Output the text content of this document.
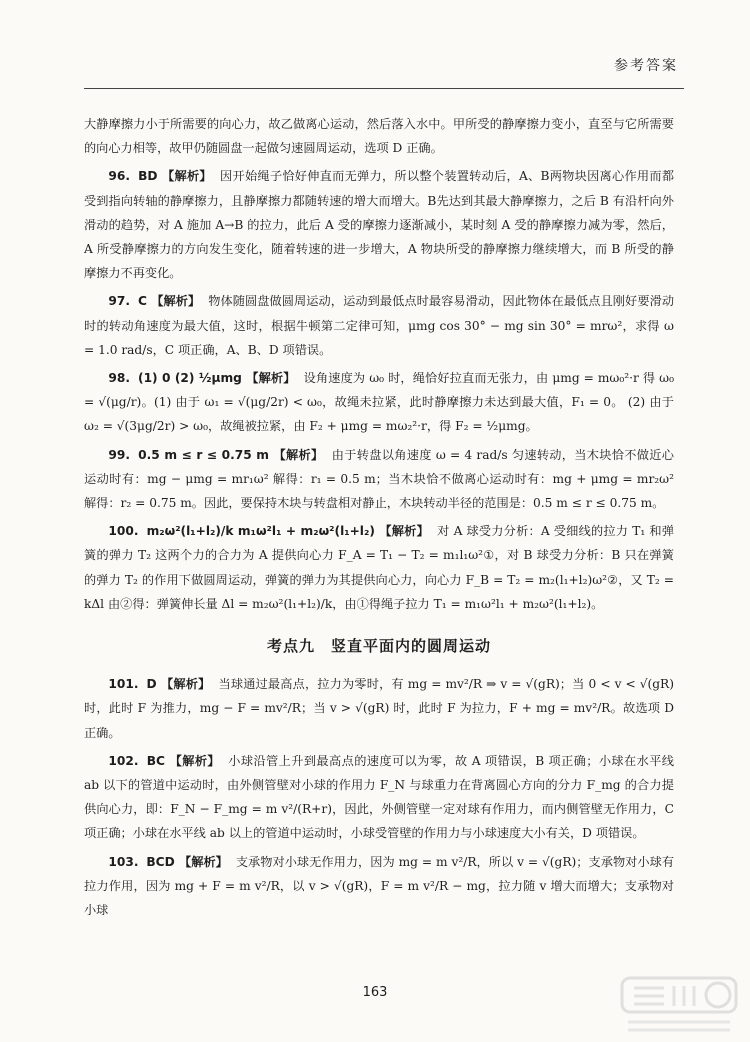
参考答案

大静摩擦力小于所需要的向心力，故乙做离心运动，然后落入水中。甲所受的静摩擦力变小，直至与它所需要的向心力相等，故甲仍随圆盘一起做匀速圆周运动，选项 D 正确。

96. BD 【解析】 因开始绳子恰好伸直而无弹力，所以整个装置转动后，A、B两物块因离心作用而都受到指向转轴的静摩擦力，且静摩擦力都随转速的增大而增大。B先达到其最大静摩擦力，之后 B 有沿杆向外滑动的趋势，对 A 施加 A→B 的拉力，此后 A 受的摩擦力逐渐减小，某时刻 A 受的静摩擦力减为零，然后，A 所受静摩擦力的方向发生变化，随着转速的进一步增大，A 物块所受的静摩擦力继续增大，而 B 所受的静摩擦力不再变化。

97. C 【解析】 物体随圆盘做圆周运动，运动到最低点时最容易滑动，因此物体在最低点且刚好要滑动时的转动角速度为最大值，这时，根据牛顿第二定律可知，μmg cos 30° − mg sin 30° = mrω²，求得 ω = 1.0 rad/s，C 项正确，A、B、D 项错误。

98. (1) 0 (2) ½μmg 【解析】 设角速度为 ω₀ 时，绳恰好拉直而无张力，由 μmg = mω₀²·r 得 ω₀ = √(μg/r)。(1) 由于 ω₁ = √(μg/2r) < ω₀，故绳未拉紧，此时静摩擦力未达到最大值，F₁ = 0。 (2) 由于 ω₂ = √(3μg/2r) > ω₀，故绳被拉紧，由 F₂ + μmg = mω₂²·r，得 F₂ = ½μmg。

99. 0.5 m ≤ r ≤ 0.75 m 【解析】 由于转盘以角速度 ω = 4 rad/s 匀速转动，当木块恰不做近心运动时有：mg − μmg = mr₁ω² 解得：r₁ = 0.5 m；当木块恰不做离心运动时有：mg + μmg = mr₂ω² 解得：r₂ = 0.75 m。因此，要保持木块与转盘相对静止，木块转动半径的范围是：0.5 m ≤ r ≤ 0.75 m。

100. m₂ω²(l₁+l₂)/k m₁ω²l₁ + m₂ω²(l₁+l₂) 【解析】 对 A 球受力分析：A 受细线的拉力 T₁ 和弹簧的弹力 T₂ 这两个力的合力为 A 提供向心力 F_A = T₁ − T₂ = m₁l₁ω²①，对 B 球受力分析：B 只在弹簧的弹力 T₂ 的作用下做圆周运动，弹簧的弹力为其提供向心力，向心力 F_B = T₂ = m₂(l₁+l₂)ω²②，又 T₂ = kΔl 由②得：弹簧伸长量 Δl = m₂ω²(l₁+l₂)/k，由①得绳子拉力 T₁ = m₁ω²l₁ + m₂ω²(l₁+l₂)。

考点九　竖直平面内的圆周运动

101. D 【解析】 当球通过最高点，拉力为零时，有 mg = mv²/R ⇒ v = √(gR)；当 0 < v < √(gR) 时，此时 F 为推力，mg − F = mv²/R；当 v > √(gR) 时，此时 F 为拉力，F + mg = mv²/R。故选项 D 正确。

102. BC 【解析】 小球沿管上升到最高点的速度可以为零，故 A 项错误，B 项正确；小球在水平线 ab 以下的管道中运动时，由外侧管壁对小球的作用力 F_N 与球重力在背离圆心方向的分力 F_mg 的合力提供向心力，即：F_N − F_mg = m v²/(R+r)，因此，外侧管壁一定对球有作用力，而内侧管壁无作用力，C 项正确；小球在水平线 ab 以上的管道中运动时，小球受管壁的作用力与小球速度大小有关，D 项错误。

103. BCD 【解析】 支承物对小球无作用力，因为 mg = m v²/R，所以 v = √(gR)；支承物对小球有拉力作用，因为 mg + F = m v²/R，以 v > √(gR)，F = m v²/R − mg，拉力随 v 增大而增大；支承物对小球

163
